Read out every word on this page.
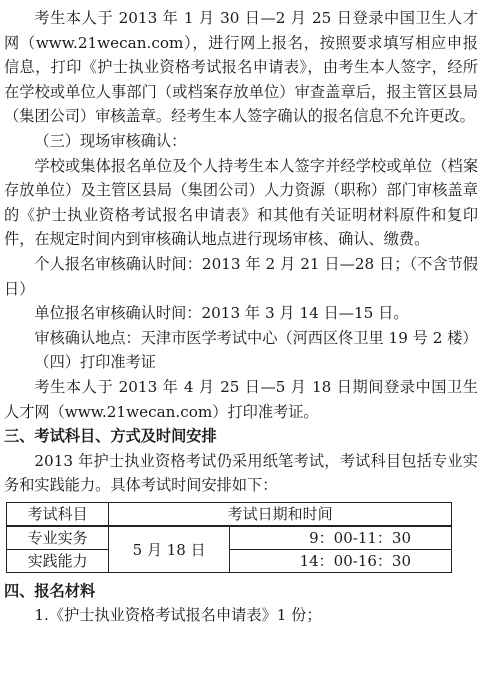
考生本人于 2013 年 1 月 30 日—2 月 25 日登录中国卫生人才网（www.21wecan.com），进行网上报名，按照要求填写相应申报信息，打印《护士执业资格考试报名申请表》，由考生本人签字，经所在学校或单位人事部门（或档案存放单位）审查盖章后，报主管区县局（集团公司）审核盖章。经考生本人签字确认的报名信息不允许更改。

（三）现场审核确认：

学校或集体报名单位及个人持考生本人签字并经学校或单位（档案存放单位）及主管区县局（集团公司）人力资源（职称）部门审核盖章的《护士执业资格考试报名申请表》和其他有关证明材料原件和复印件，在规定时间内到审核确认地点进行现场审核、确认、缴费。

个人报名审核确认时间：2013 年 2 月 21 日—28 日；（不含节假日）

单位报名审核确认时间：2013 年 3 月 14 日—15 日。

审核确认地点：天津市医学考试中心（河西区佟卫里 19 号 2 楼）

（四）打印准考证

考生本人于 2013 年 4 月 25 日—5 月 18 日期间登录中国卫生人才网（www.21wecan.com）打印准考证。

三、考试科目、方式及时间安排

2013 年护士执业资格考试仍采用纸笔考试，考试科目包括专业实务和实践能力。具体考试时间安排如下：

考试科目	考试日期和时间	
专业实务	5 月 18 日	9：00-11：30
实践能力		14：00-16：30

四、报名材料

1.《护士执业资格考试报名申请表》1 份；
